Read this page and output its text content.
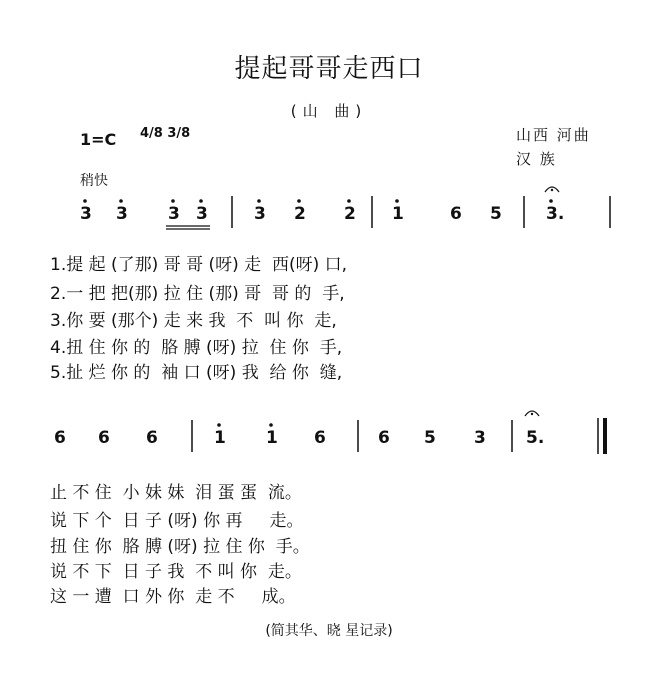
提起哥哥走西口
(山 曲)
山西 河曲
汉 族
1=C 4/8 3/8
稍快
3 3 3 3	3 2 2 1	6 5	3.
1.提 起 (了那) 哥 哥 (呀) 走  西(呀) 口,
2.一 把 把(那) 拉 住 (那) 哥  哥 的  手,
3.你 要 (那个) 走 来 我  不  叫 你  走,
4.扭 住 你 的  胳 膊 (呀) 拉  住 你  手,
5.扯 烂 你 的  袖 口 (呀) 我  给 你  缝,
6 6 6	1 1 6	6 5 3 5.
止 不 住  小 妹 妹  泪 蛋 蛋  流。
说 下 个  日 子 (呀) 你 再     走。
扭 住 你  胳 膊 (呀) 拉 住 你  手。
说 不 下  日 子 我  不 叫 你  走。
这 一 遭  口 外 你  走 不     成。
(简其华、晓 星记录)
